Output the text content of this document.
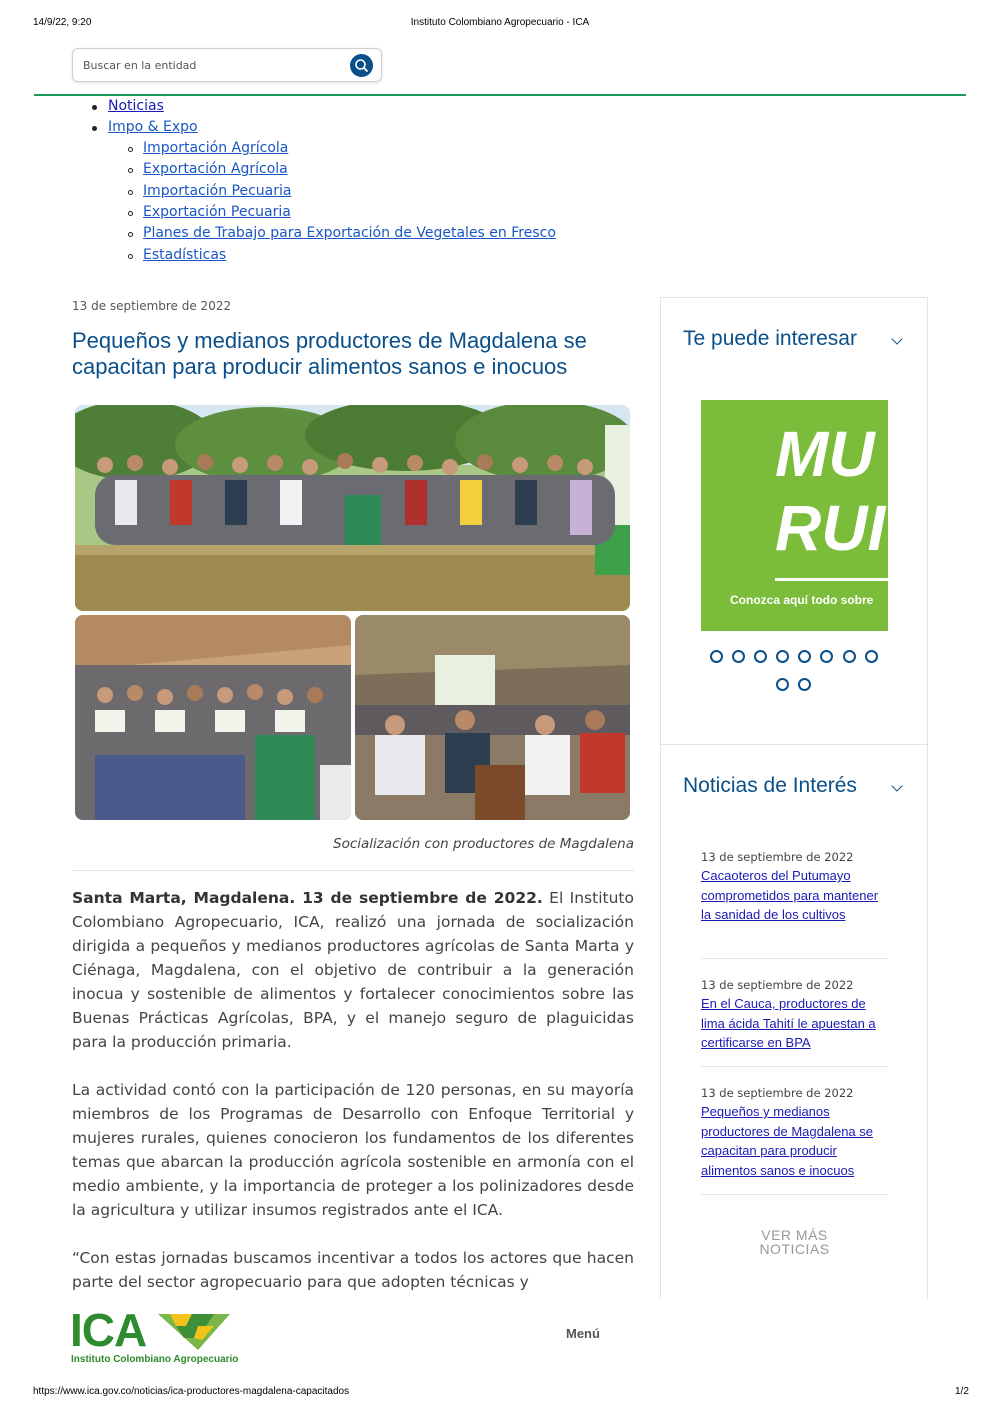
14/9/22, 9:20	Instituto Colombiano Agropecuario - ICA
Buscar en la entidad
Noticias
Impo & Expo
Importación Agrícola
Exportación Agrícola
Importación Pecuaria
Exportación Pecuaria
Planes de Trabajo para Exportación de Vegetales en Fresco
Estadísticas
13 de septiembre de 2022
Pequeños y medianos productores de Magdalena se capacitan para producir alimentos sanos e inocuos
Socialización con productores de Magdalena

Santa Marta, Magdalena. 13 de septiembre de 2022. El Instituto Colombiano Agropecuario, ICA, realizó una jornada de socialización dirigida a pequeños y medianos productores agrícolas de Santa Marta y Ciénaga, Magdalena, con el objetivo de contribuir a la generación inocua y sostenible de alimentos y fortalecer conocimientos sobre las Buenas Prácticas Agrícolas, BPA, y el manejo seguro de plaguicidas para la producción primaria.

La actividad contó con la participación de 120 personas, en su mayoría miembros de los Programas de Desarrollo con Enfoque Territorial y mujeres rurales, quienes conocieron los fundamentos de los diferentes temas que abarcan la producción agrícola sostenible en armonía con el medio ambiente, y la importancia de proteger a los polinizadores desde la agricultura y utilizar insumos registrados ante el ICA.

“Con estas jornadas buscamos incentivar a todos los actores que hacen parte del sector agropecuario para que adopten técnicas y

Te puede interesar
MU
RUI
Conozca aquí todo sobre
Noticias de Interés
13 de septiembre de 2022
Cacaoteros del Putumayo comprometidos para mantener la sanidad de los cultivos
13 de septiembre de 2022
En el Cauca, productores de lima ácida Tahití le apuestan a certificarse en BPA
13 de septiembre de 2022
Pequeños y medianos productores de Magdalena se capacitan para producir alimentos sanos e inocuos
VER MÁS
NOTICIAS
ICA
Instituto Colombiano Agropecuario
Menú
https://www.ica.gov.co/noticias/ica-productores-magdalena-capacitados	1/2
